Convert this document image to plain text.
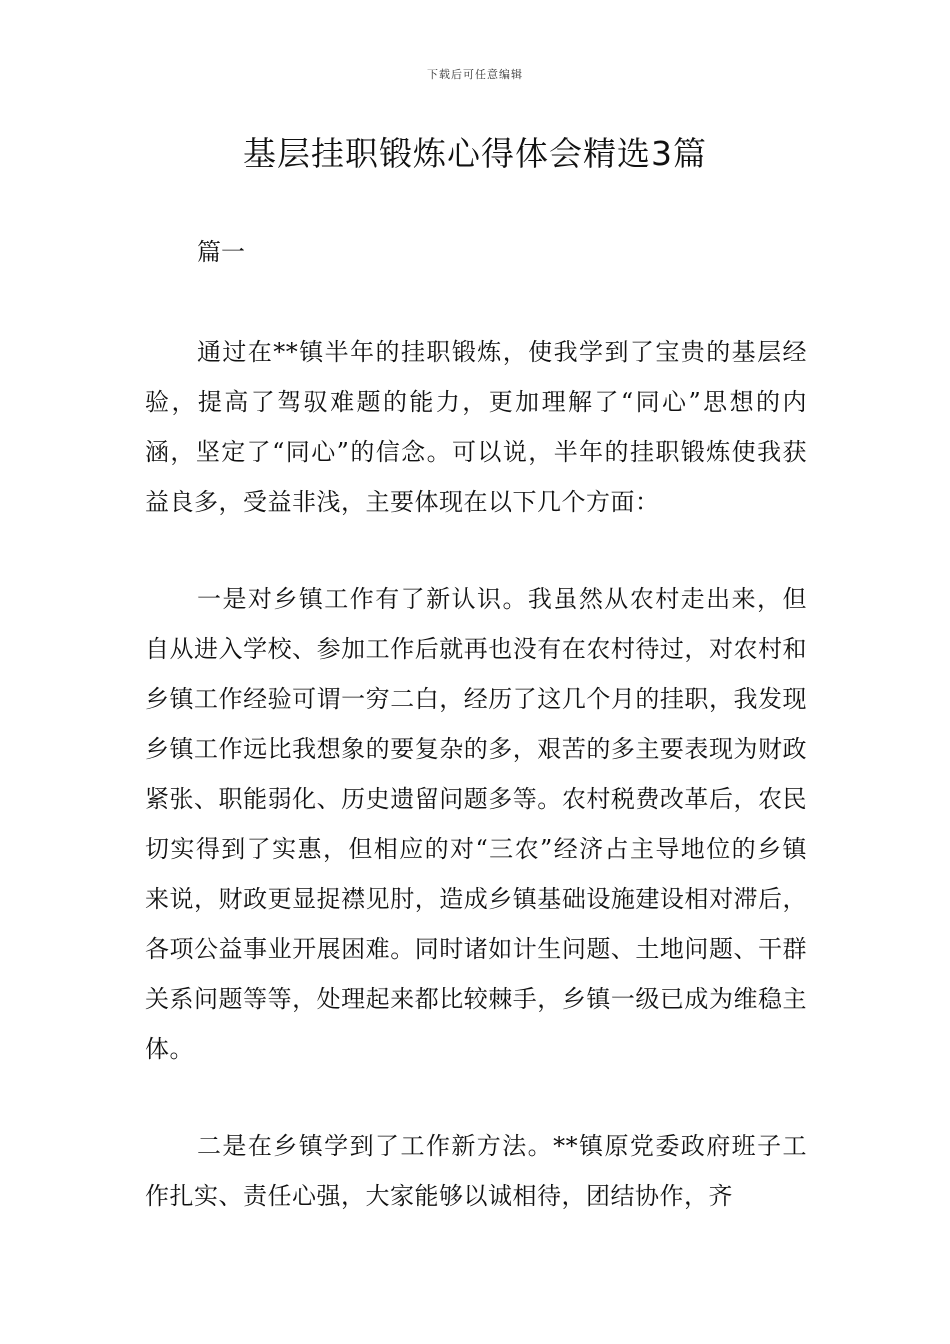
下载后可任意编辑
基层挂职锻炼心得体会精选3篇

篇一

通过在**镇半年的挂职锻炼，使我学到了宝贵的基层经验，提高了驾驭难题的能力，更加理解了“同心”思想的内涵，坚定了“同心”的信念。可以说，半年的挂职锻炼使我获益良多，受益非浅，主要体现在以下几个方面：

一是对乡镇工作有了新认识。我虽然从农村走出来，但自从进入学校、参加工作后就再也没有在农村待过，对农村和乡镇工作经验可谓一穷二白，经历了这几个月的挂职，我发现乡镇工作远比我想象的要复杂的多，艰苦的多主要表现为财政紧张、职能弱化、历史遗留问题多等。农村税费改革后，农民切实得到了实惠，但相应的对“三农”经济占主导地位的乡镇来说，财政更显捉襟见肘，造成乡镇基础设施建设相对滞后，各项公益事业开展困难。同时诸如计生问题、土地问题、干群关系问题等等，处理起来都比较棘手，乡镇一级已成为维稳主体。

二是在乡镇学到了工作新方法。**镇原党委政府班子工作扎实、责任心强，大家能够以诚相待，团结协作，齐
